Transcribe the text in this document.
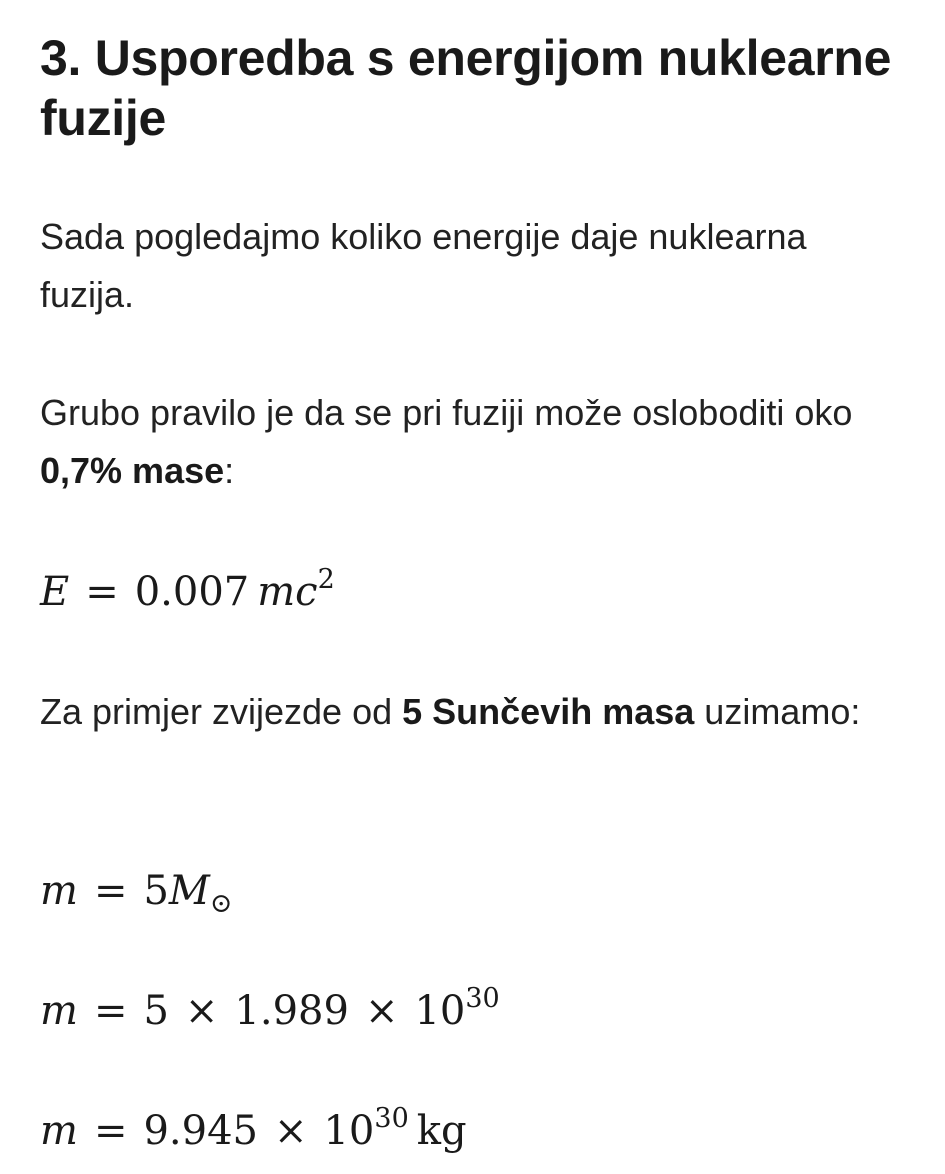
3. Usporedba s energijom nuklearne fuzije

Sada pogledajmo koliko energije daje nuklearna fuzija.

Grubo pravilo je da se pri fuziji može osloboditi oko 0,7% mase:

E = 0.007 $mc^2$

Za primjer zvijezde od 5 Sunčevih masa uzimamo:

$m = 5M_⊙$
$m = 5 \times 1.989 \times 10^{30}$
$m = 9.945 \times 10^{30}$ kg
